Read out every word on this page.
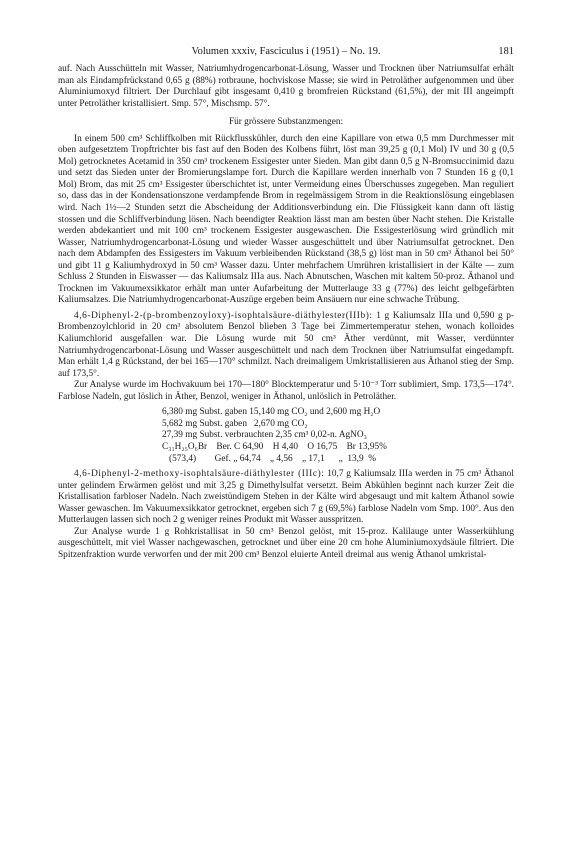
Volumen xxxiv, Fasciculus i (1951) – No. 19.	181

auf. Nach Ausschütteln mit Wasser, Natriumhydrogencarbonat-Lösung, Wasser und Trocknen über Natriumsulfat erhält man als Eindampfrückstand 0,65 g (88%) rotbraune, hochviskose Masse; sie wird in Petroläther aufgenommen und über Aluminiumoxyd filtriert. Der Durchlauf gibt insgesamt 0,410 g bromfreien Rückstand (61,5%), der mit III angeimpft unter Petroläther kristallisiert. Smp. 57°, Mischsmp. 57°.

Für grössere Substanzmengen:

In einem 500 cm³ Schliffkolben mit Rückflusskühler, durch den eine Kapillare von etwa 0,5 mm Durchmesser mit oben aufgesetztem Tropftrichter bis fast auf den Boden des Kolbens führt, löst man 39,25 g (0,1 Mol) IV und 30 g (0,5 Mol) getrocknetes Acetamid in 350 cm³ trockenem Essigester unter Sieden. Man gibt dann 0,5 g N-Bromsuccinimid dazu und setzt das Sieden unter der Bromierungslampe fort. Durch die Kapillare werden innerhalb von 7 Stunden 16 g (0,1 Mol) Brom, das mit 25 cm³ Essigester überschichtet ist, unter Vermeidung eines Überschusses zugegeben. Man reguliert so, dass das in der Kondensationszone verdampfende Brom in regelmässigem Strom in die Reaktionslösung eingeblasen wird. Nach 1½—2 Stunden setzt die Abscheidung der Additionsverbindung ein. Die Flüssigkeit kann dann oft lästig stossen und die Schliffverbindung lösen. Nach beendigter Reaktion lässt man am besten über Nacht stehen. Die Kristalle werden abdekantiert und mit 100 cm³ trockenem Essigester ausgewaschen. Die Essigesterlösung wird gründlich mit Wasser, Natriumhydrogencarbonat-Lösung und wieder Wasser ausgeschüttelt und über Natriumsulfat getrocknet. Den nach dem Abdampfen des Essigesters im Vakuum verbleibenden Rückstand (38,5 g) löst man in 50 cm³ Äthanol bei 50° und gibt 11 g Kaliumhydroxyd in 50 cm³ Wasser dazu. Unter mehrfachem Umrühren kristallisiert in der Kälte — zum Schluss 2 Stunden in Eiswasser — das Kaliumsalz IIIa aus. Nach Abnutschen, Waschen mit kaltem 50-proz. Äthanol und Trocknen im Vakuumexsikkator erhält man unter Aufarbeitung der Mutterlauge 33 g (77%) des leicht gelbgefärbten Kaliumsalzes. Die Natriumhydrogencarbonat-Auszüge ergeben beim Ansäuern nur eine schwache Trübung.

4,6-Diphenyl-2-(p-brombenzoyloxy)-isophtalsäure-diäthylester(IIIb): 1 g Kaliumsalz IIIa und 0,590 g p-Brombenzoylchlorid in 20 cm³ absolutem Benzol blieben 3 Tage bei Zimmertemperatur stehen, wonach kolloides Kaliumchlorid ausgefallen war. Die Lösung wurde mit 50 cm³ Äther verdünnt, mit Wasser, verdünnter Natriumhydrogencarbonat-Lösung und Wasser ausgeschüttelt und nach dem Trocknen über Natriumsulfat eingedampft. Man erhält 1,4 g Rückstand, der bei 165—170° schmilzt. Nach dreimaligem Umkristallisieren aus Äthanol stieg der Smp. auf 173,5°.

Zur Analyse wurde im Hochvakuum bei 170—180° Blocktemperatur und 5·10⁻³ Torr sublimiert, Smp. 173,5—174°. Farblose Nadeln, gut löslich in Äther, Benzol, weniger in Äthanol, unlöslich in Petroläther.

6,380 mg Subst. gaben 15,140 mg CO₂ und 2,600 mg H₂O
5,682 mg Subst. gaben   2,670 mg CO₂
27,39 mg Subst. verbrauchten 2,35 cm³ 0,02-n. AgNO₃
C₃₁H₂₅O₆Br    Ber. C 64,90    H 4,40    O 16,75    Br 13,95%
(573,4)        Gef. „ 64,74    „ 4,56    „ 17,1      „  13,9  %

4,6-Diphenyl-2-methoxy-isophtalsäure-diäthylester (IIIc): 10,7 g Kaliumsalz IIIa werden in 75 cm³ Äthanol unter gelindem Erwärmen gelöst und mit 3,25 g Dimethylsulfat versetzt. Beim Abkühlen beginnt nach kurzer Zeit die Kristallisation farbloser Nadeln. Nach zweistündigem Stehen in der Kälte wird abgesaugt und mit kaltem Äthanol sowie Wasser gewaschen. Im Vakuumexsikkator getrocknet, ergeben sich 7 g (69,5%) farblose Nadeln vom Smp. 100°. Aus den Mutterlaugen lassen sich noch 2 g weniger reines Produkt mit Wasser ausspritzen.

Zur Analyse wurde 1 g Rohkristallisat in 50 cm³ Benzol gelöst, mit 15-proz. Kalilauge unter Wasserkühlung ausgeschüttelt, mit viel Wasser nachgewaschen, getrocknet und über eine 20 cm hohe Aluminiumoxydsäule filtriert. Die Spitzenfraktion wurde verworfen und der mit 200 cm³ Benzol eluierte Anteil dreimal aus wenig Äthanol umkristal-
